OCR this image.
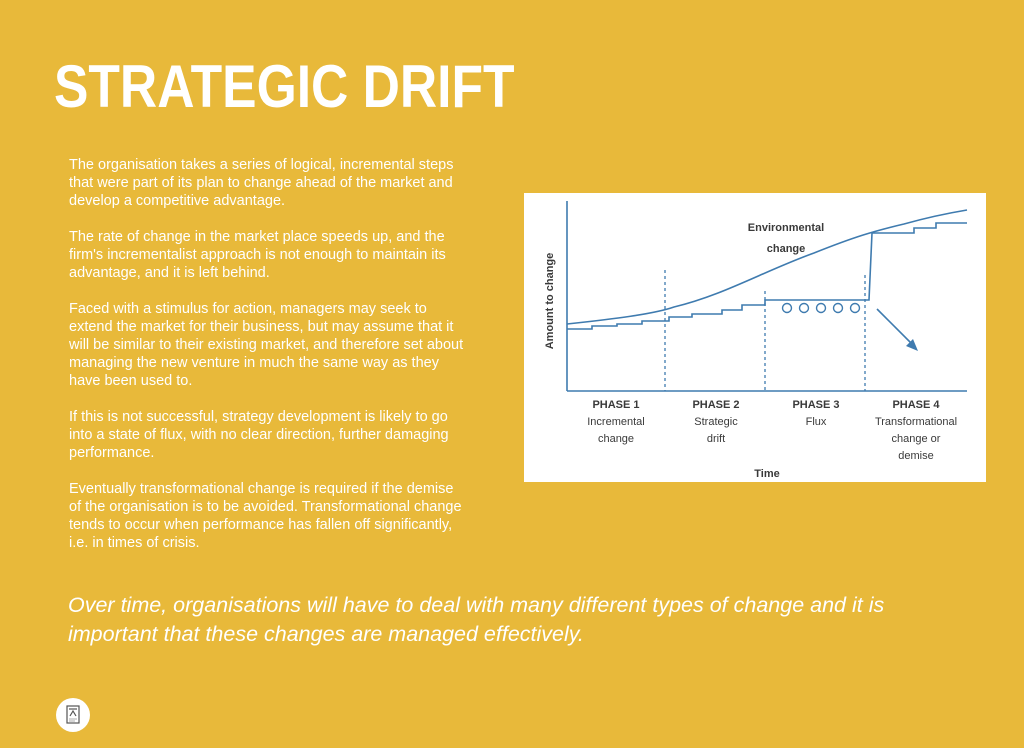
STRATEGIC DRIFT

The organisation takes a series of logical, incremental steps that were part of its plan to change ahead of the market and develop a competitive advantage.

The rate of change in the market place speeds up, and the firm's incrementalist approach is not enough to maintain its advantage, and it is left behind.

Faced with a stimulus for action, managers may seek to extend the market for their business, but may assume that it will be similar to their existing market, and therefore set about managing the new venture in much the same way as they have been used to.

If this is not successful, strategy development is likely to go into a state of flux, with no clear direction, further damaging performance.

Eventually transformational change is required if the demise of the organisation is to be avoided. Transformational change tends to occur when performance has fallen off significantly, i.e. in times of crisis.

Environmental
change
Amount to change
Time
PHASE 1
Incremental
change
PHASE 2
Strategic
drift
PHASE 3
Flux
PHASE 4
Transformational
change or
demise
Over time, organisations will have to deal with many different types of change and it is important that these changes are managed effectively.
